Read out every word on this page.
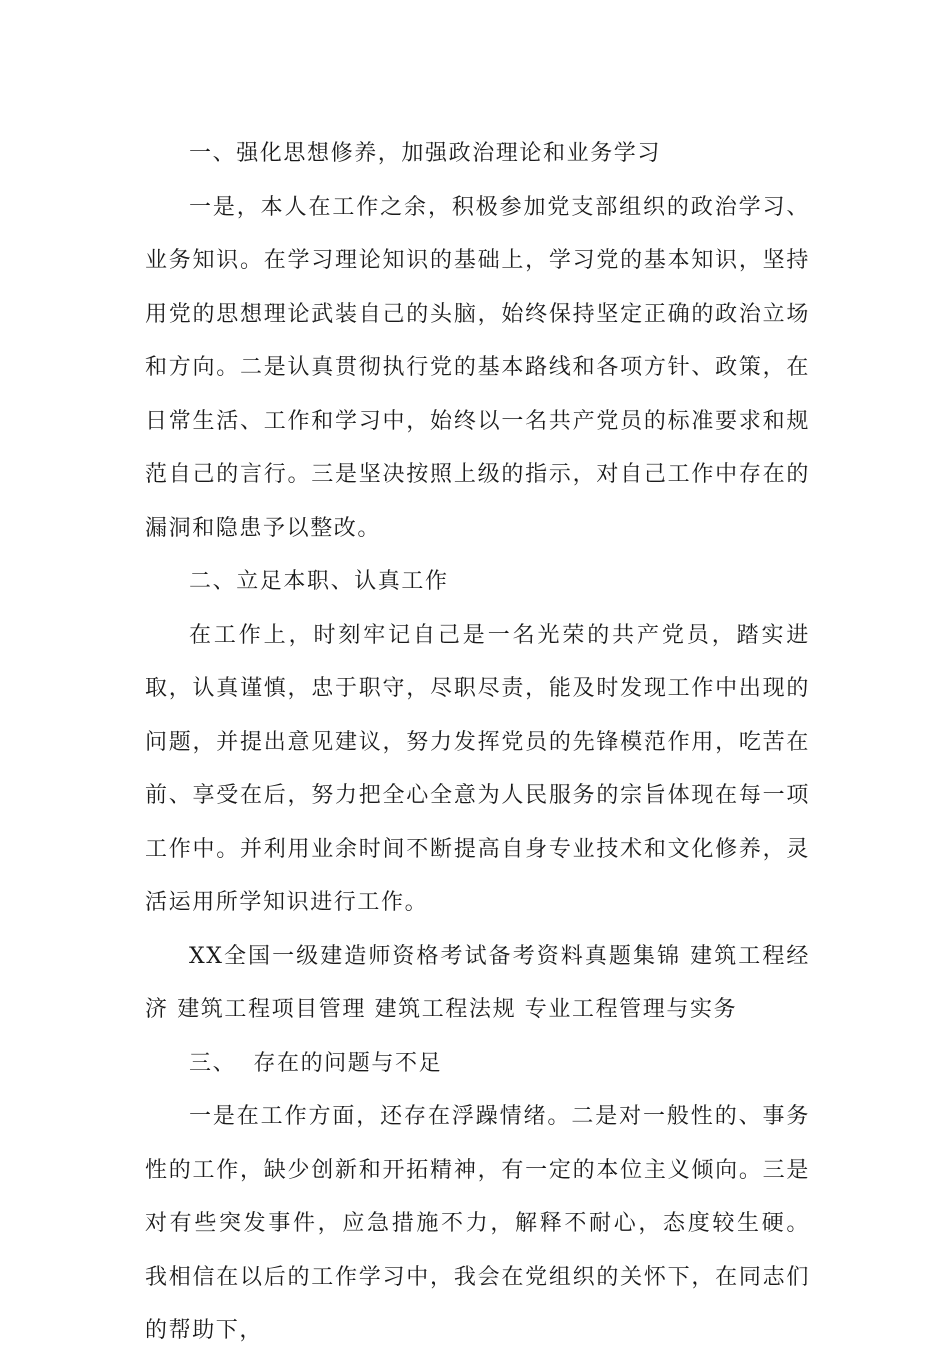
一、强化思想修养，加强政治理论和业务学习

一是，本人在工作之余，积极参加党支部组织的政治学习、业务知识。在学习理论知识的基础上，学习党的基本知识，坚持用党的思想理论武装自己的头脑，始终保持坚定正确的政治立场和方向。二是认真贯彻执行党的基本路线和各项方针、政策，在日常生活、工作和学习中，始终以一名共产党员的标准要求和规范自己的言行。三是坚决按照上级的指示，对自己工作中存在的漏洞和隐患予以整改。

二、立足本职、认真工作

在工作上，时刻牢记自己是一名光荣的共产党员，踏实进取，认真谨慎，忠于职守，尽职尽责，能及时发现工作中出现的问题，并提出意见建议，努力发挥党员的先锋模范作用，吃苦在前、享受在后，努力把全心全意为人民服务的宗旨体现在每一项工作中。并利用业余时间不断提高自身专业技术和文化修养，灵活运用所学知识进行工作。

XX全国一级建造师资格考试备考资料真题集锦 建筑工程经济 建筑工程项目管理 建筑工程法规 专业工程管理与实务

三、  存在的问题与不足

一是在工作方面，还存在浮躁情绪。二是对一般性的、事务性的工作，缺少创新和开拓精神，有一定的本位主义倾向。三是对有些突发事件，应急措施不力，解释不耐心，态度较生硬。 我相信在以后的工作学习中，我会在党组织的关怀下，在同志们的帮助下，
